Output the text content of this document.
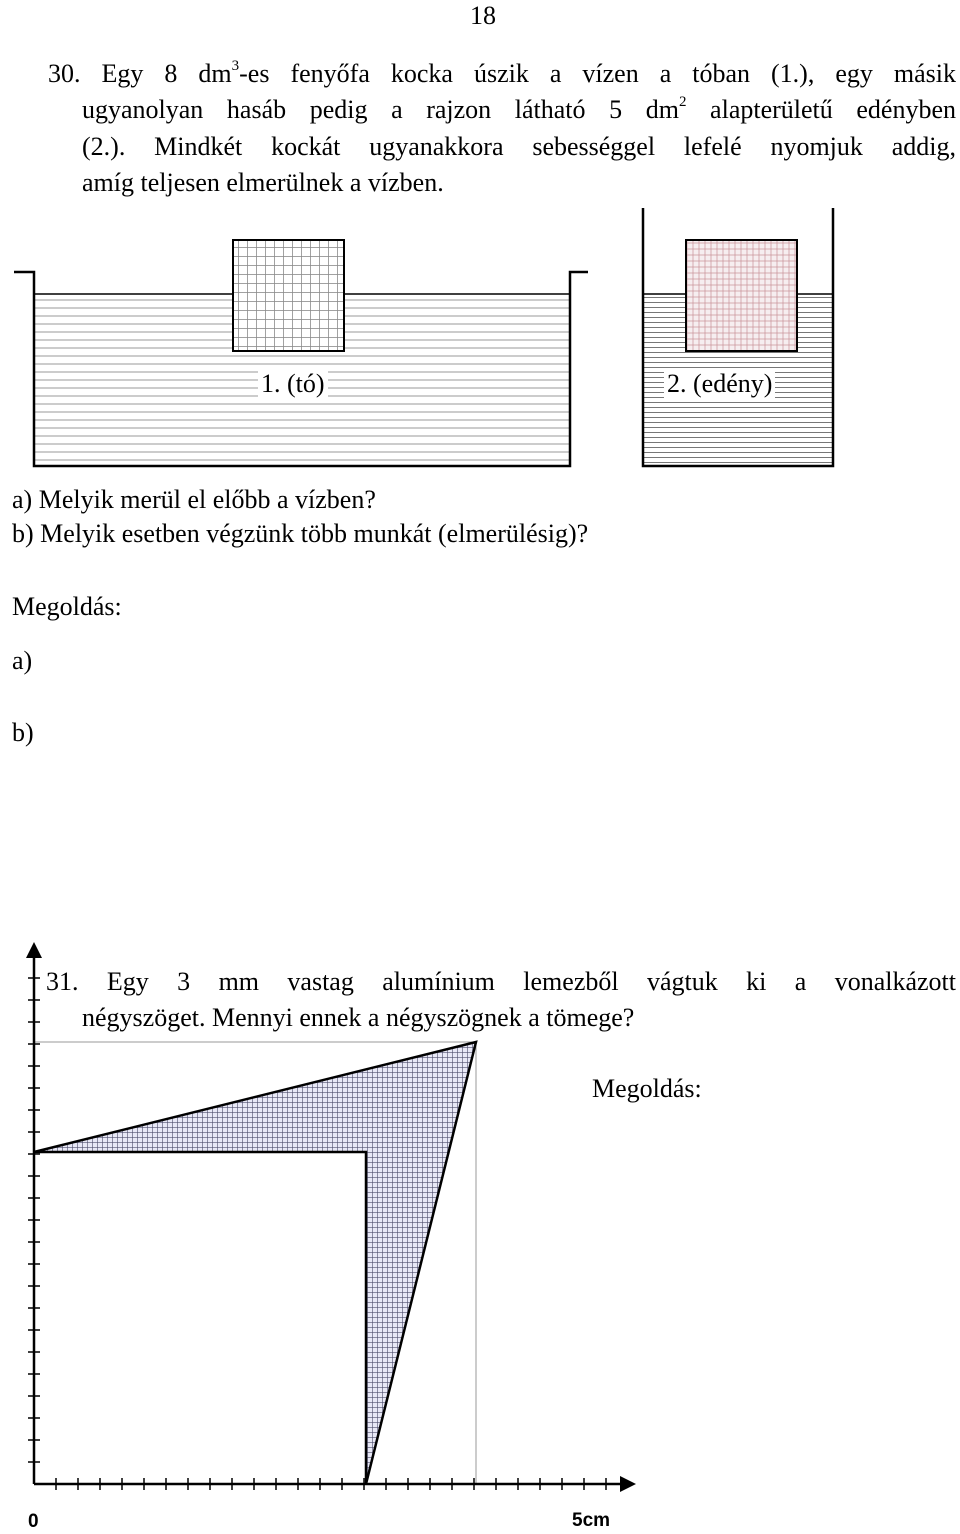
18
30. Egy 8 $dm^3-es$ fenyőfa kocka úszik a vízen a tóban (1.), egy másik
ugyanolyan hasáb pedig a rajzon látható 5 $dm^2$ alapterületű edényben
(2.). Mindkét kockát ugyanakkora sebességgel lefelé nyomjuk addig,
amíg teljesen elmerülnek a vízben.
1. (tó)	2. (edény)
a) Melyik merül el előbb a vízben?
b) Melyik esetben végzünk több munkát (elmerülésig)?
Megoldás:
a)
b)
31. Egy 3 mm vastag alumínium lemezből vágtuk ki a vonalkázott
négyszöget. Mennyi ennek a négyszögnek a tömege?
Megoldás:
0	5cm
